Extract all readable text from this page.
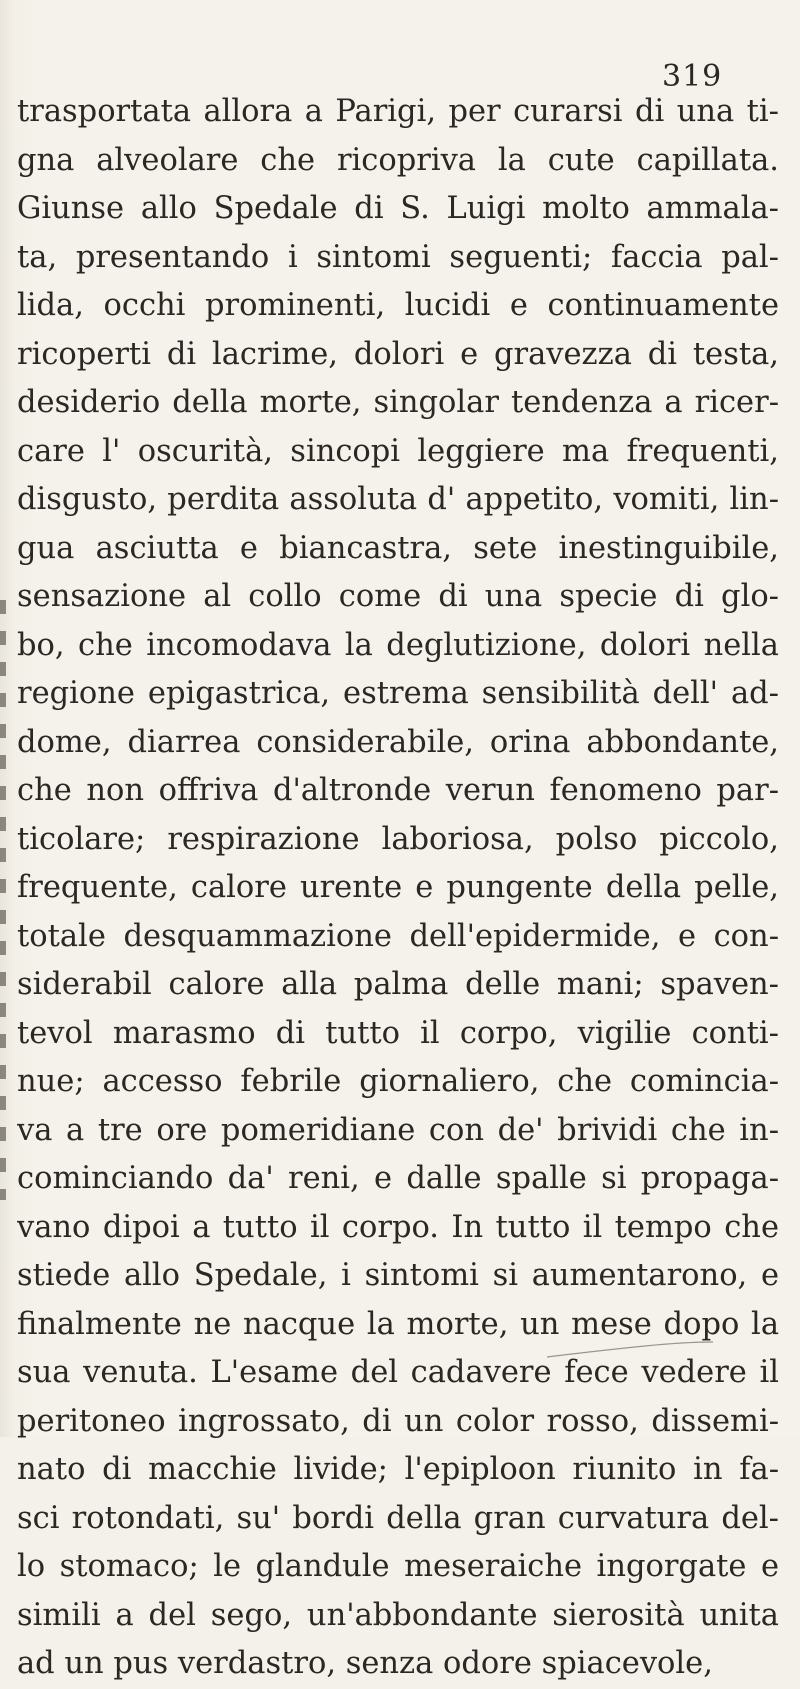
319
trasportata allora a Parigi, per curarsi di una ti-
gna alveolare che ricopriva la cute capillata.
Giunse allo Spedale di S. Luigi molto ammala-
ta, presentando i sintomi seguenti; faccia pal-
lida, occhi prominenti, lucidi e continuamente
ricoperti di lacrime, dolori e gravezza di testa,
desiderio della morte, singolar tendenza a ricer-
care l' oscurità, sincopi leggiere ma frequenti,
disgusto, perdita assoluta d' appetito, vomiti, lin-
gua asciutta e biancastra, sete inestinguibile,
sensazione al collo come di una specie di glo-
bo, che incomodava la deglutizione, dolori nella
regione epigastrica, estrema sensibilità dell' ad-
dome, diarrea considerabile, orina abbondante,
che non offriva d'altronde verun fenomeno par-
ticolare; respirazione laboriosa, polso piccolo,
frequente, calore urente e pungente della pelle,
totale desquammazione dell'epidermide, e con-
siderabil calore alla palma delle mani; spaven-
tevol marasmo di tutto il corpo, vigilie conti-
nue; accesso febrile giornaliero, che comincia-
va a tre ore pomeridiane con de' brividi che in-
cominciando da' reni, e dalle spalle si propaga-
vano dipoi a tutto il corpo. In tutto il tempo che
stiede allo Spedale, i sintomi si aumentarono, e
finalmente ne nacque la morte, un mese dopo la
sua venuta. L'esame del cadavere fece vedere il
peritoneo ingrossato, di un color rosso, dissemi-
nato di macchie livide; l'epiploon riunito in fa-
sci rotondati, su' bordi della gran curvatura del-
lo stomaco; le glandule meseraiche ingorgate e
simili a del sego, un'abbondante sierosità unita
ad un pus verdastro, senza odore spiacevole,
